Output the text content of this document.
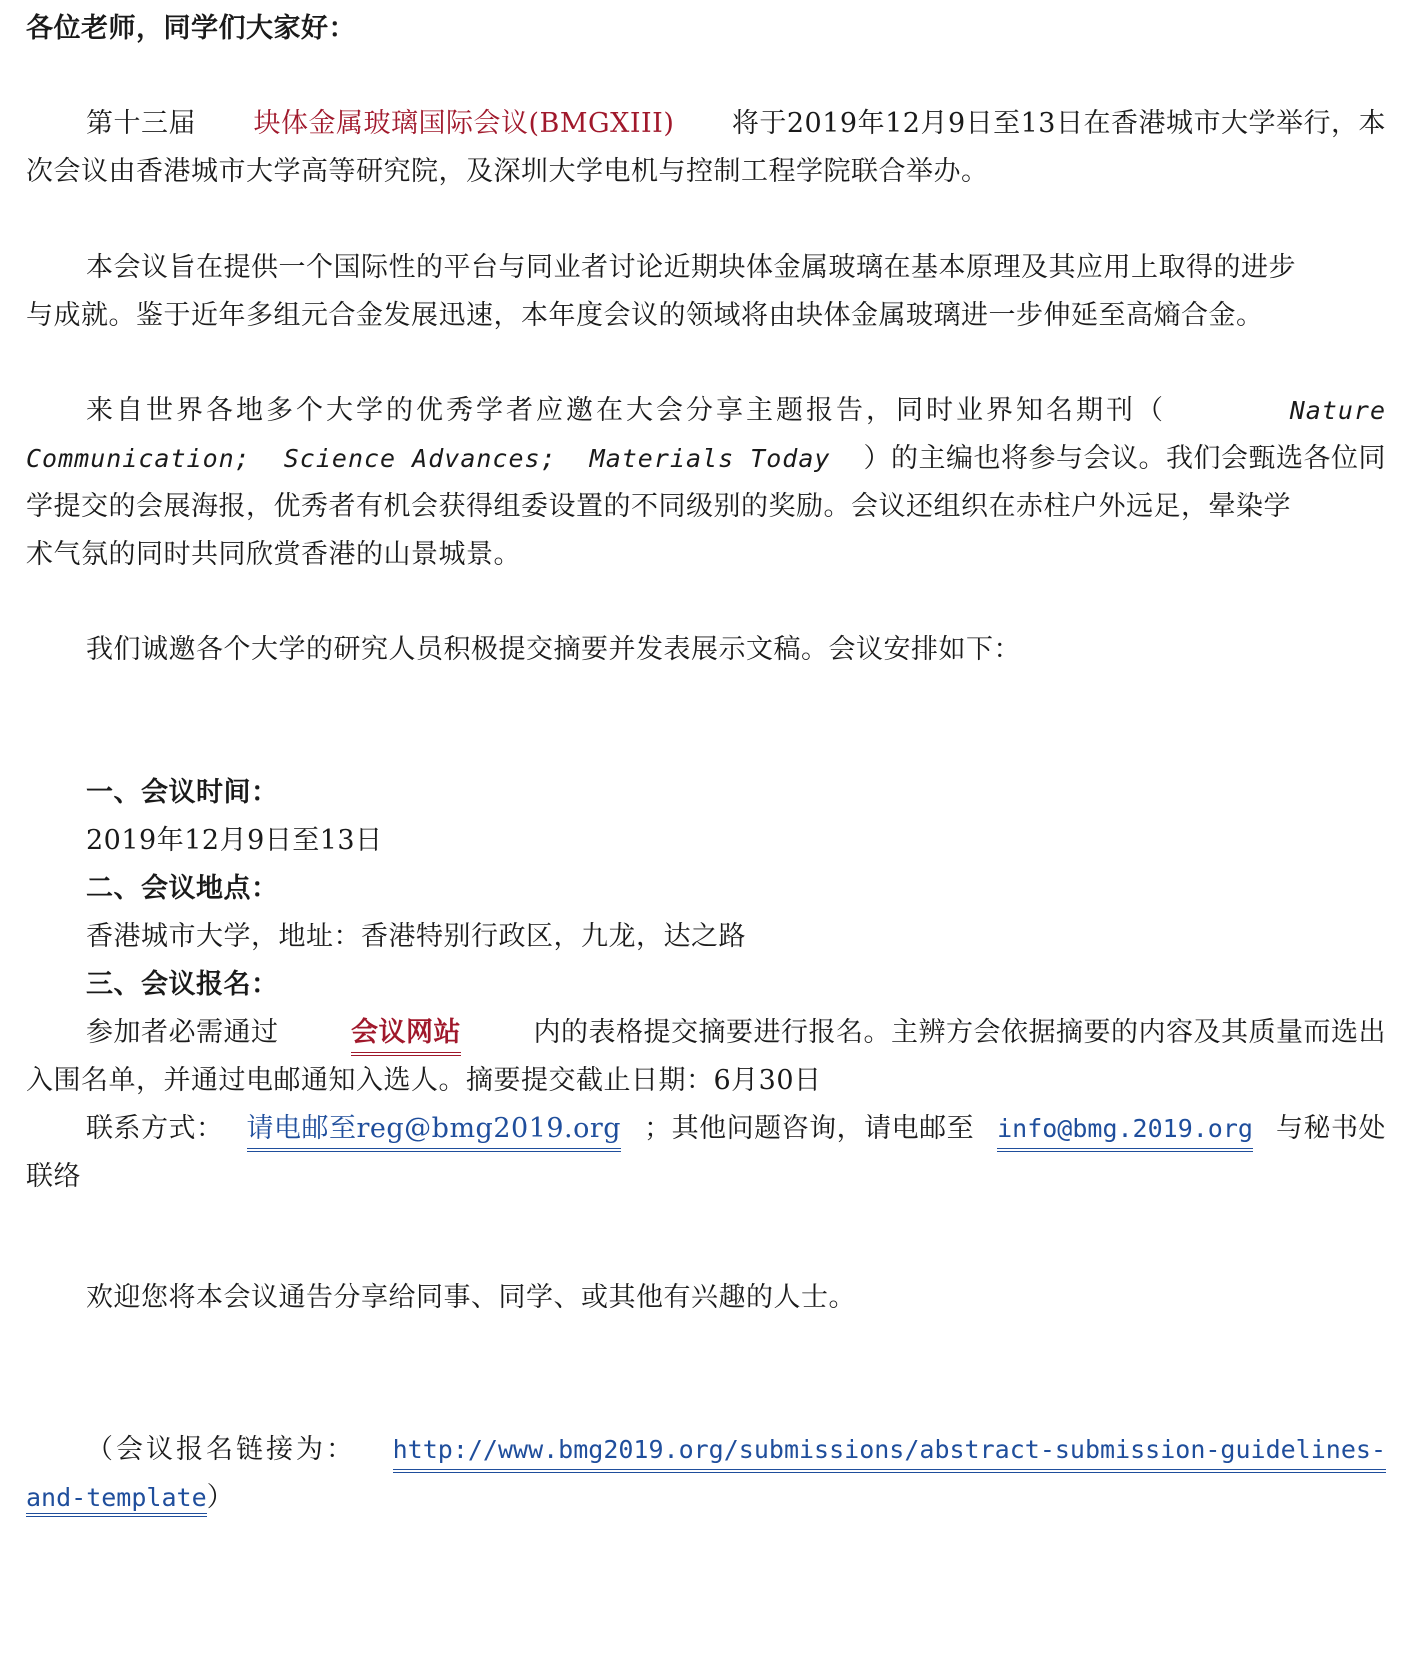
各位老师，同学们大家好：
第十三届 块体金属玻璃国际会议(BMGXIII) 将于2019年12月9日至13日在香港城市大学举行，本
次会议由香港城市大学高等研究院，及深圳大学电机与控制工程学院联合举办。
本会议旨在提供一个国际性的平台与同业者讨论近期块体金属玻璃在基本原理及其应用上取得的进步
与成就。鉴于近年多组元合金发展迅速，本年度会议的领域将由块体金属玻璃进一步伸延至高熵合金。
来自世界各地多个大学的优秀学者应邀在大会分享主题报告，同时业界知名期刊（	Nature
Communication; Science Advances; Materials Today ）的主编也将参与会议。我们会甄选各位同
学提交的会展海报，优秀者有机会获得组委设置的不同级别的奖励。会议还组织在赤柱户外远足，晕染学
术气氛的同时共同欣赏香港的山景城景。
我们诚邀各个大学的研究人员积极提交摘要并发表展示文稿。会议安排如下：
一、会议时间：
2019年12月9日至13日
二、会议地点：
香港城市大学，地址：香港特别行政区，九龙，达之路
三、会议报名：
参加者必需通过	会议网站	内的表格提交摘要进行报名。主辨方会依据摘要的内容及其质量而选出
入围名单，并通过电邮通知入选人。摘要提交截止日期：6月30日
联系方式： 请电邮至reg@bmg2019.org ；其他问题咨询，请电邮至 info@bmg.2019.org 与秘书处
联络
欢迎您将本会议通告分享给同事、同学、或其他有兴趣的人士。
（会议报名链接为： http://www.bmg2019.org/submissions/abstract-submission-guidelines-
and-template）
